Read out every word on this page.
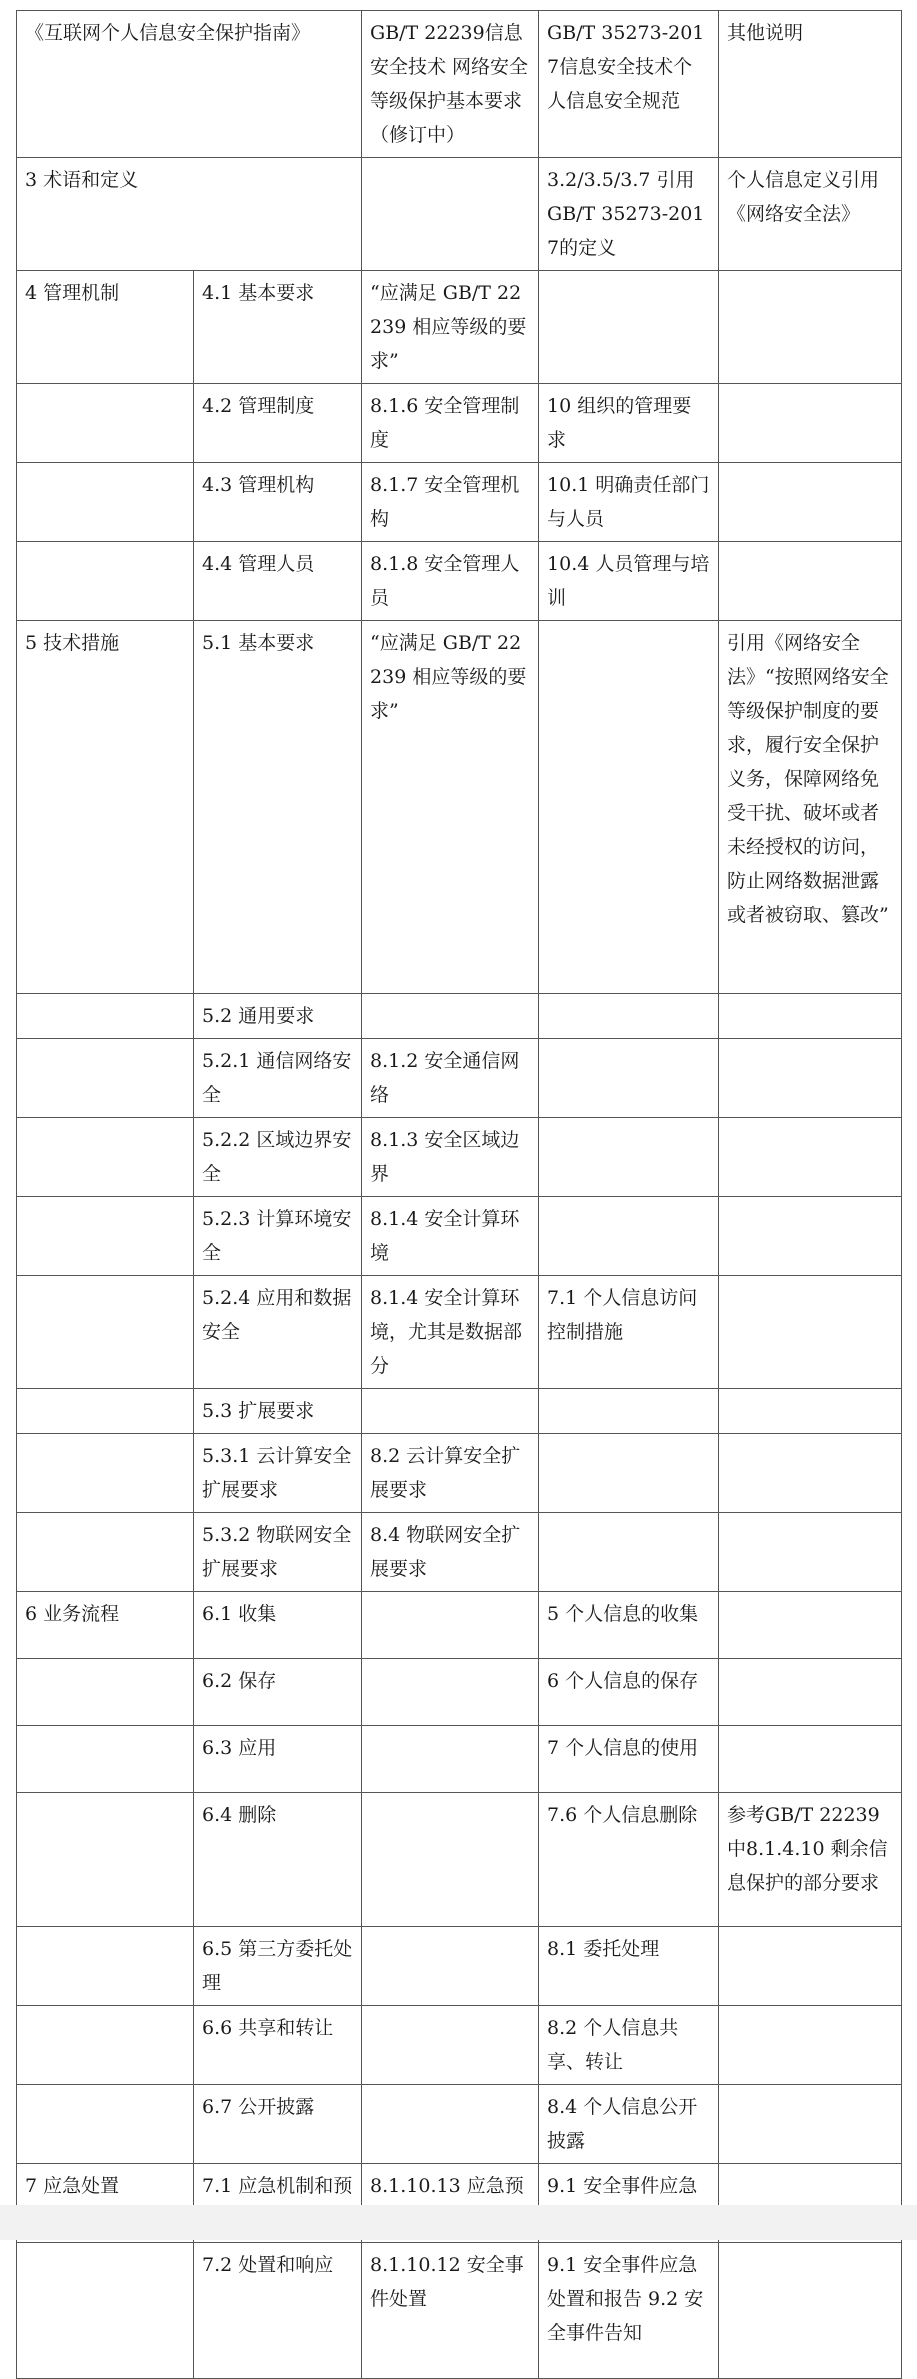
《互联网个人信息安全保护指南》		GB/T 22239信息安全技术 网络安全等级保护基本要求（修订中）	GB/T 35273-2017信息安全技术个人信息安全规范	其他说明
3 术语和定义			3.2/3.5/3.7 引用 GB/T 35273-2017的定义	个人信息定义引用《网络安全法》
4 管理机制	4.1 基本要求	“应满足 GB/T 22239 相应等级的要求”		
	4.2 管理制度	8.1.6 安全管理制度	10 组织的管理要求	
	4.3 管理机构	8.1.7 安全管理机构	10.1 明确责任部门与人员	
	4.4 管理人员	8.1.8 安全管理人员	10.4 人员管理与培训	
5 技术措施	5.1 基本要求	“应满足 GB/T 22239 相应等级的要求”		引用《网络安全法》“按照网络安全等级保护制度的要求，履行安全保护义务，保障网络免受干扰、破坏或者未经授权的访问，防止网络数据泄露或者被窃取、篡改”
	5.2 通用要求			
	5.2.1 通信网络安全	8.1.2 安全通信网络		
	5.2.2 区域边界安全	8.1.3 安全区域边界		
	5.2.3 计算环境安全	8.1.4 安全计算环境		
	5.2.4 应用和数据安全	8.1.4 安全计算环境，尤其是数据部分	7.1 个人信息访问控制措施	
	5.3 扩展要求			
	5.3.1 云计算安全扩展要求	8.2 云计算安全扩展要求		
	5.3.2 物联网安全扩展要求	8.4 物联网安全扩展要求		
6 业务流程	6.1 收集		5 个人信息的收集	
	6.2 保存		6 个人信息的保存	
	6.3 应用		7 个人信息的使用	
	6.4 删除		7.6 个人信息删除	参考GB/T 22239中8.1.4.10 剩余信息保护的部分要求
	6.5 第三方委托处理		8.1 委托处理	
	6.6 共享和转让		8.2 个人信息共享、转让	
	6.7 公开披露		8.4 个人信息公开披露	
7 应急处置	7.1 应急机制和预	8.1.10.13 应急预	9.1 安全事件应急	
	7.2 处置和响应	8.1.10.12 安全事件处置	9.1 安全事件应急处置和报告 9.2 安全事件告知	
